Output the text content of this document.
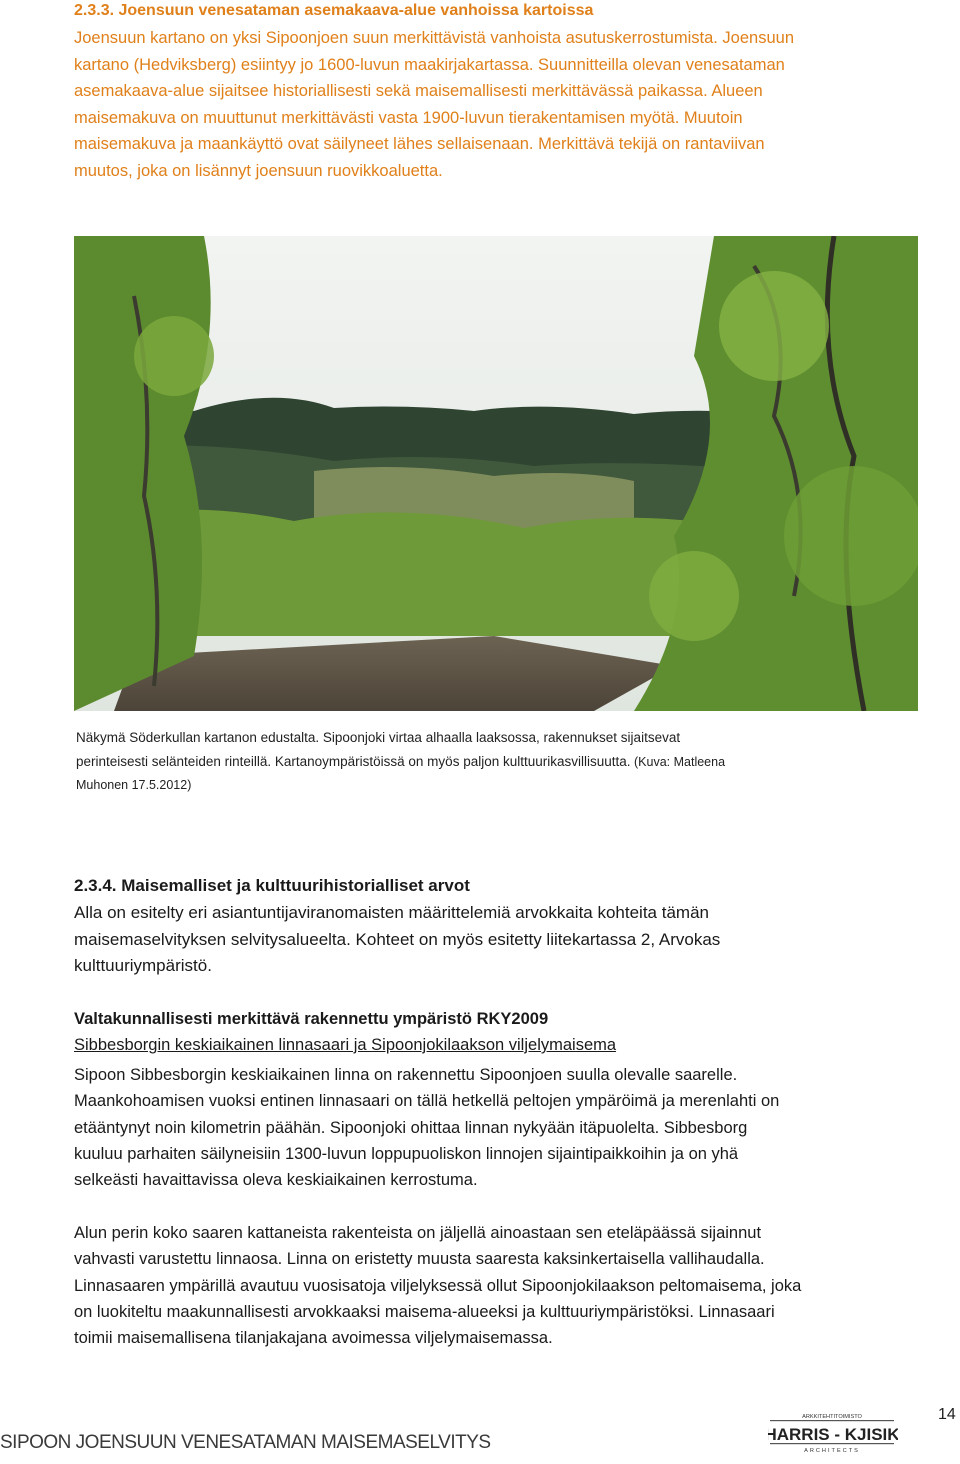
2.3.3. Joensuun venesataman asemakaava-alue vanhoissa kartoissa
Joensuun kartano on yksi Sipoonjoen suun merkittävistä vanhoista asutuskerrostumista. Joensuun
kartano (Hedviksberg) esiintyy jo 1600-luvun maakirjakartassa. Suunnitteilla olevan venesataman
asemakaava-alue sijaitsee historiallisesti sekä maisemallisesti merkittävässä paikassa. Alueen
maisemakuva on muuttunut merkittävästi vasta 1900-luvun tierakentamisen myötä. Muutoin
maisemakuva ja maankäyttö ovat säilyneet lähes sellaisenaan. Merkittävä tekijä on rantaviivan
muutos, joka on lisännyt joensuun ruovikkoaluetta.
Näkymä Söderkullan kartanon edustalta. Sipoonjoki virtaa alhaalla laaksossa, rakennukset sijaitsevat
perinteisesti selänteiden rinteillä. Kartanoympäristöissä on myös paljon kulttuurikasvillisuutta. (Kuva: Matleena
Muhonen 17.5.2012)
2.3.4. Maisemalliset ja kulttuurihistorialliset arvot
Alla on esitelty eri asiantuntijaviranomaisten määrittelemiä arvokkaita kohteita tämän
maisemaselvityksen selvitysalueelta. Kohteet on myös esitetty liitekartassa 2, Arvokas
kulttuuriympäristö.
Valtakunnallisesti merkittävä rakennettu ympäristö RKY2009
Sibbesborgin keskiaikainen linnasaari ja Sipoonjokilaakson viljelymaisema
Sipoon Sibbesborgin keskiaikainen linna on rakennettu Sipoonjoen suulla olevalle saarelle.
Maankohoamisen vuoksi entinen linnasaari on tällä hetkellä peltojen ympäröimä ja merenlahti on
etääntynyt noin kilometrin päähän. Sipoonjoki ohittaa linnan nykyään itäpuolelta. Sibbesborg
kuuluu parhaiten säilyneisiin 1300-luvun loppupuoliskon linnojen sijaintipaikkoihin ja on yhä
selkeästi havaittavissa oleva keskiaikainen kerrostuma.
Alun perin koko saaren kattaneista rakenteista on jäljellä ainoastaan sen eteläpäässä sijainnut
vahvasti varustettu linnaosa. Linna on eristetty muusta saaresta kaksinkertaisella vallihaudalla.
Linnasaaren ympärillä avautuu vuosisatoja viljelyksessä ollut Sipoonjokilaakson peltomaisema, joka
on luokiteltu maakunnallisesti arvokkaaksi maisema-alueeksi ja kulttuuriympäristöksi. Linnasaari
toimii maisemallisena tilanjakajana avoimessa viljelymaisemassa.
SIPOON JOENSUUN VENESATAMAN MAISEMASELVITYS
14
ARKKITEHTITOIMISTO
HARRIS - KJISIK
ARCHITECTS
